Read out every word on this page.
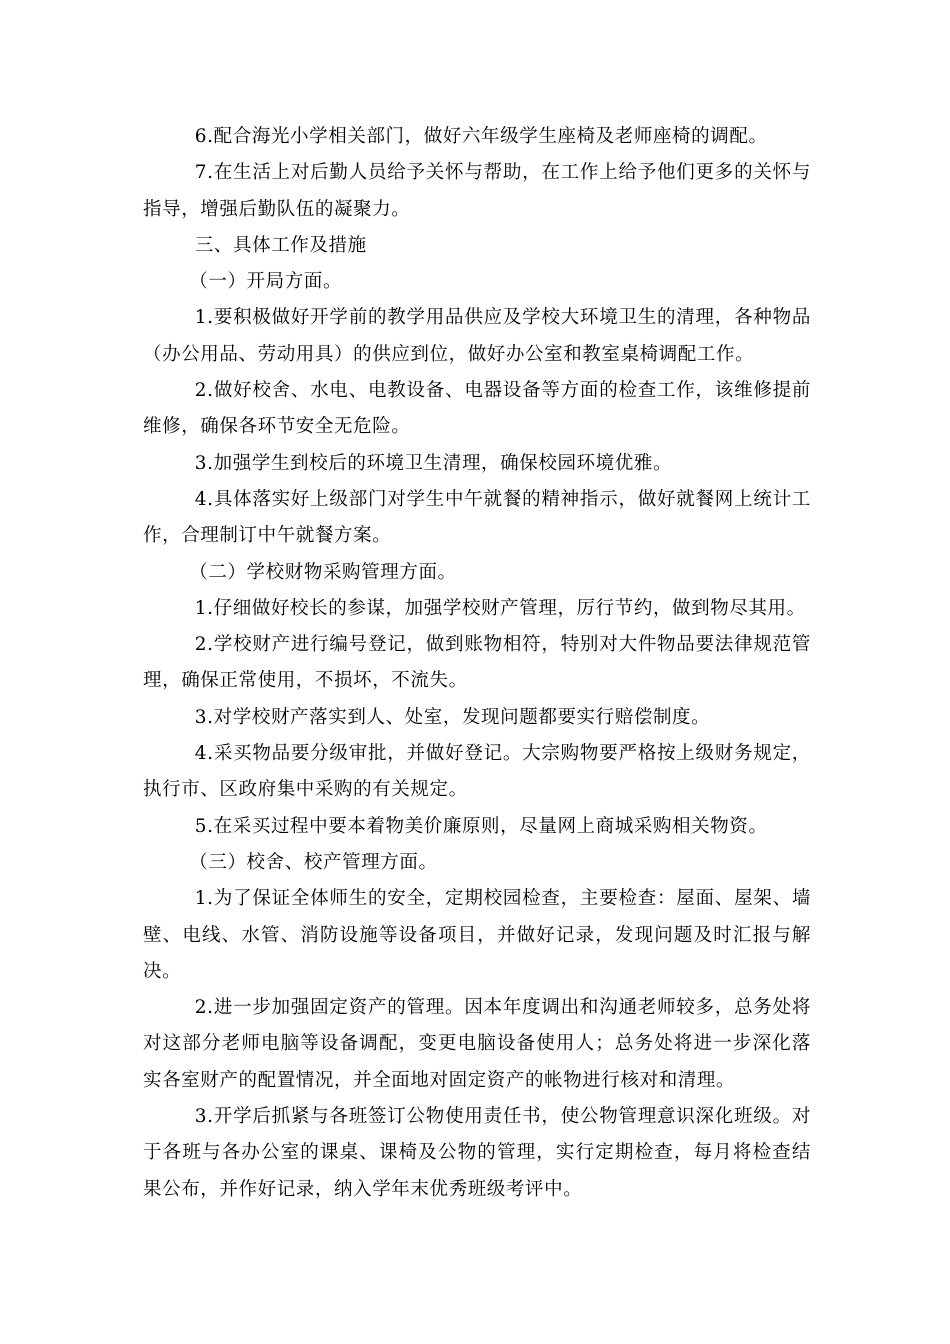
6.配合海光小学相关部门，做好六年级学生座椅及老师座椅的调配。

7.在生活上对后勤人员给予关怀与帮助，在工作上给予他们更多的关怀与指导，增强后勤队伍的凝聚力。

三、具体工作及措施

（一）开局方面。

1.要积极做好开学前的教学用品供应及学校大环境卫生的清理，各种物品（办公用品、劳动用具）的供应到位，做好办公室和教室桌椅调配工作。

2.做好校舍、水电、电教设备、电器设备等方面的检查工作，该维修提前维修，确保各环节安全无危险。

3.加强学生到校后的环境卫生清理，确保校园环境优雅。

4.具体落实好上级部门对学生中午就餐的精神指示，做好就餐网上统计工作，合理制订中午就餐方案。

（二）学校财物采购管理方面。

1.仔细做好校长的参谋，加强学校财产管理，厉行节约，做到物尽其用。

2.学校财产进行编号登记，做到账物相符，特别对大件物品要法律规范管理，确保正常使用，不损坏，不流失。

3.对学校财产落实到人、处室，发现问题都要实行赔偿制度。

4.采买物品要分级审批，并做好登记。大宗购物要严格按上级财务规定，执行市、区政府集中采购的有关规定。

5.在采买过程中要本着物美价廉原则，尽量网上商城采购相关物资。

（三）校舍、校产管理方面。

1.为了保证全体师生的安全，定期校园检查，主要检查：屋面、屋架、墙壁、电线、水管、消防设施等设备项目，并做好记录，发现问题及时汇报与解决。

2.进一步加强固定资产的管理。因本年度调出和沟通老师较多，总务处将对这部分老师电脑等设备调配，变更电脑设备使用人；总务处将进一步深化落实各室财产的配置情况，并全面地对固定资产的帐物进行核对和清理。

3.开学后抓紧与各班签订公物使用责任书，使公物管理意识深化班级。对于各班与各办公室的课桌、课椅及公物的管理，实行定期检查，每月将检查结果公布，并作好记录，纳入学年末优秀班级考评中。
